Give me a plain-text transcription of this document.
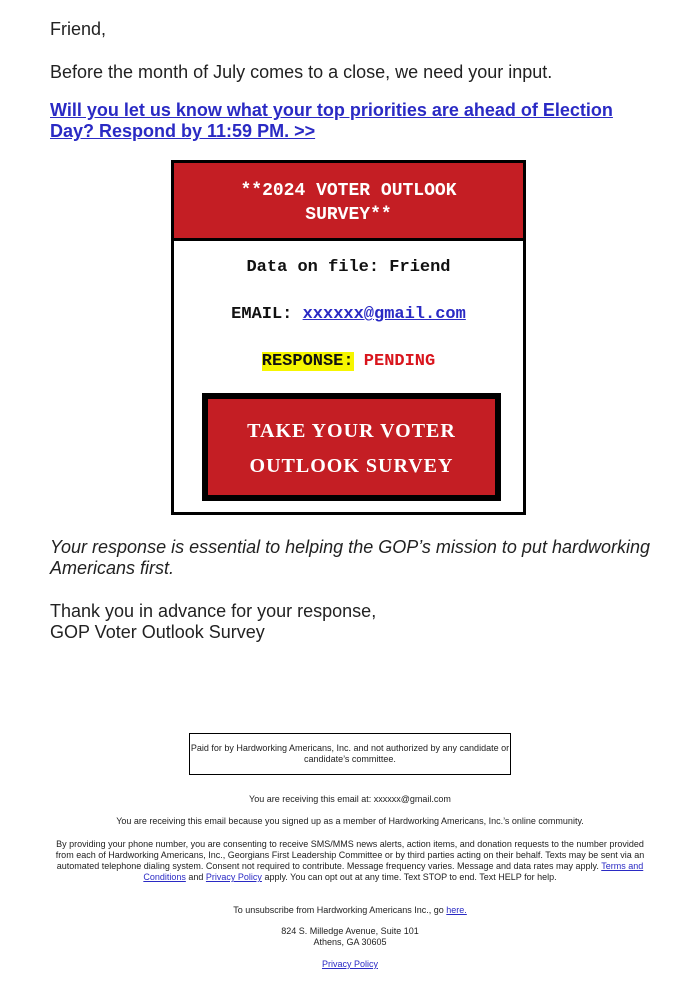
Friend,

Before the month of July comes to a close, we need your input.

Will you let us know what your top priorities are ahead of Election Day? Respond by 11:59 PM. >>

Your response is essential to helping the GOP’s mission to put hardworking Americans first.

Thank you in advance for your response,

GOP Voter Outlook Survey

**2024 VOTER OUTLOOK
SURVEY**
Data on file: Friend
EMAIL: xxxxxx@gmail.com
RESPONSE: PENDING
TAKE YOUR VOTER
OUTLOOK SURVEY
Paid for by Hardworking Americans, Inc. and not authorized by any candidate or candidate’s committee.
You are receiving this email at: xxxxxx@gmail.com
You are receiving this email because you signed up as a member of Hardworking Americans, Inc.’s online community.
By providing your phone number, you are consenting to receive SMS/MMS news alerts, action items, and donation requests to the number provided from each of Hardworking Americans, Inc., Georgians First Leadership Committee or by third parties acting on their behalf. Texts may be sent via an automated telephone dialing system. Consent not required to contribute. Message frequency varies. Message and data rates may apply. Terms and Conditions and Privacy Policy apply. You can opt out at any time. Text STOP to end. Text HELP for help.
To unsubscribe from Hardworking Americans Inc., go here.
824 S. Milledge Avenue, Suite 101
Athens, GA 30605
Privacy Policy
